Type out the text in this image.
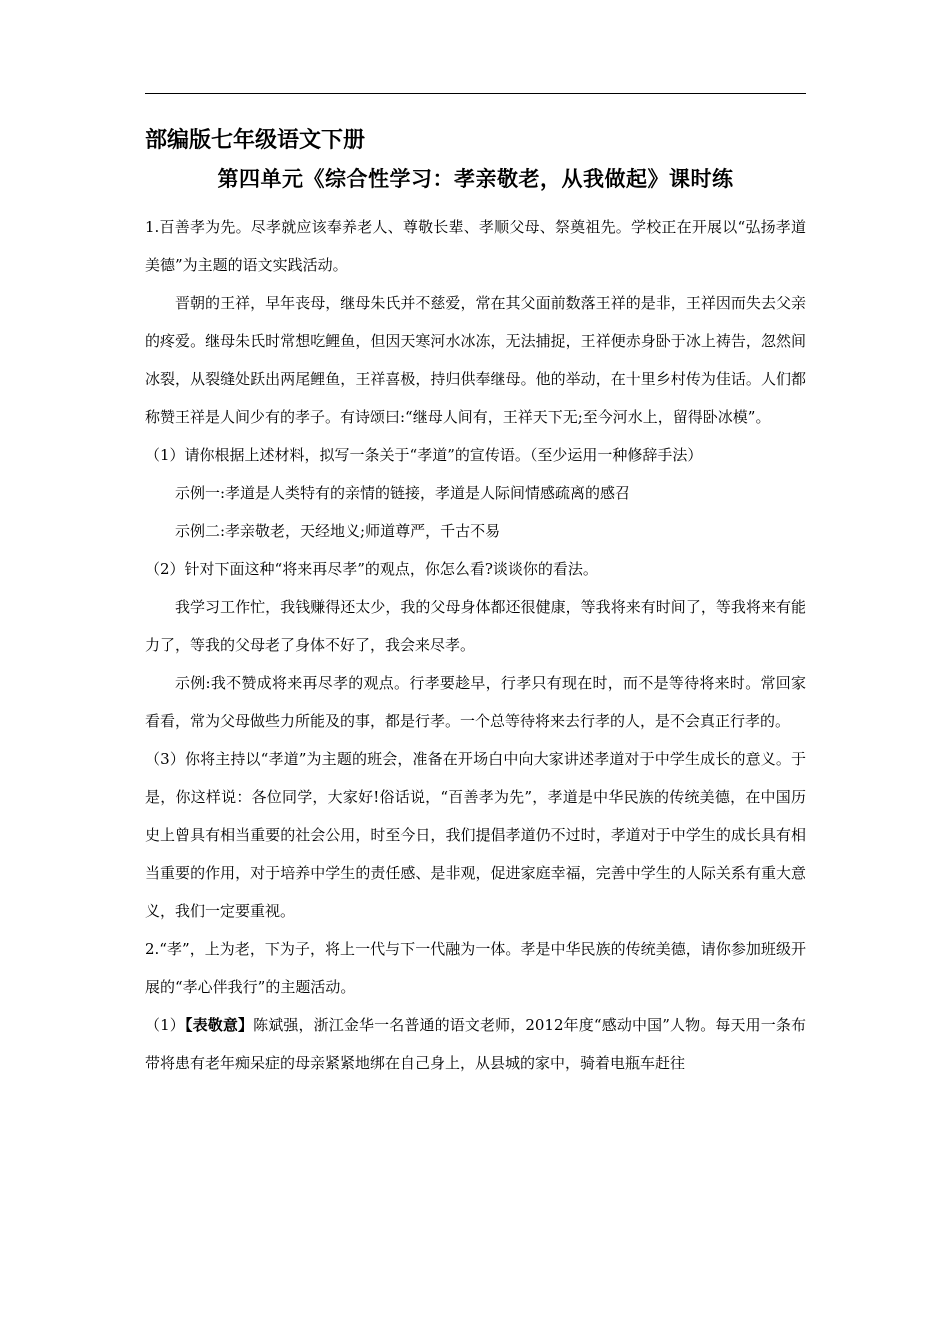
部编版七年级语文下册
第四单元《综合性学习：孝亲敬老，从我做起》课时练

1.百善孝为先。尽孝就应该奉养老人、尊敬长辈、孝顺父母、祭奠祖先。学校正在开展以“弘扬孝道美德”为主题的语文实践活动。

晋朝的王祥，早年丧母，继母朱氏并不慈爱，常在其父面前数落王祥的是非，王祥因而失去父亲的疼爱。继母朱氏时常想吃鲤鱼，但因天寒河水冰冻，无法捕捉，王祥便赤身卧于冰上祷告，忽然间冰裂，从裂缝处跃出两尾鲤鱼，王祥喜极，持归供奉继母。他的举动，在十里乡村传为佳话。人们都称赞王祥是人间少有的孝子。有诗颂曰:“继母人间有，王祥天下无;至今河水上，留得卧冰模”。

（1）请你根据上述材料，拟写一条关于“孝道”的宣传语。（至少运用一种修辞手法）

示例一:孝道是人类特有的亲情的链接，孝道是人际间情感疏离的感召

示例二:孝亲敬老，天经地义;师道尊严，千古不易

（2）针对下面这种“将来再尽孝”的观点，你怎么看?谈谈你的看法。

我学习工作忙，我钱赚得还太少，我的父母身体都还很健康，等我将来有时间了，等我将来有能力了，等我的父母老了身体不好了，我会来尽孝。

示例:我不赞成将来再尽孝的观点。行孝要趁早，行孝只有现在时，而不是等待将来时。常回家看看，常为父母做些力所能及的事，都是行孝。一个总等待将来去行孝的人，是不会真正行孝的。

（3）你将主持以“孝道”为主题的班会，准备在开场白中向大家讲述孝道对于中学生成长的意义。于是，你这样说：各位同学，大家好!俗话说，“百善孝为先”，孝道是中华民族的传统美德，在中国历史上曾具有相当重要的社会公用，时至今日，我们提倡孝道仍不过时，孝道对于中学生的成长具有相当重要的作用，对于培养中学生的责任感、是非观，促进家庭幸福，完善中学生的人际关系有重大意义，我们一定要重视。

2.“孝”，上为老，下为子，将上一代与下一代融为一体。孝是中华民族的传统美德，请你参加班级开展的“孝心伴我行”的主题活动。

（1）【表敬意】陈斌强，浙江金华一名普通的语文老师，2012年度“感动中国”人物。每天用一条布带将患有老年痴呆症的母亲紧紧地绑在自己身上，从县城的家中，骑着电瓶车赶往
